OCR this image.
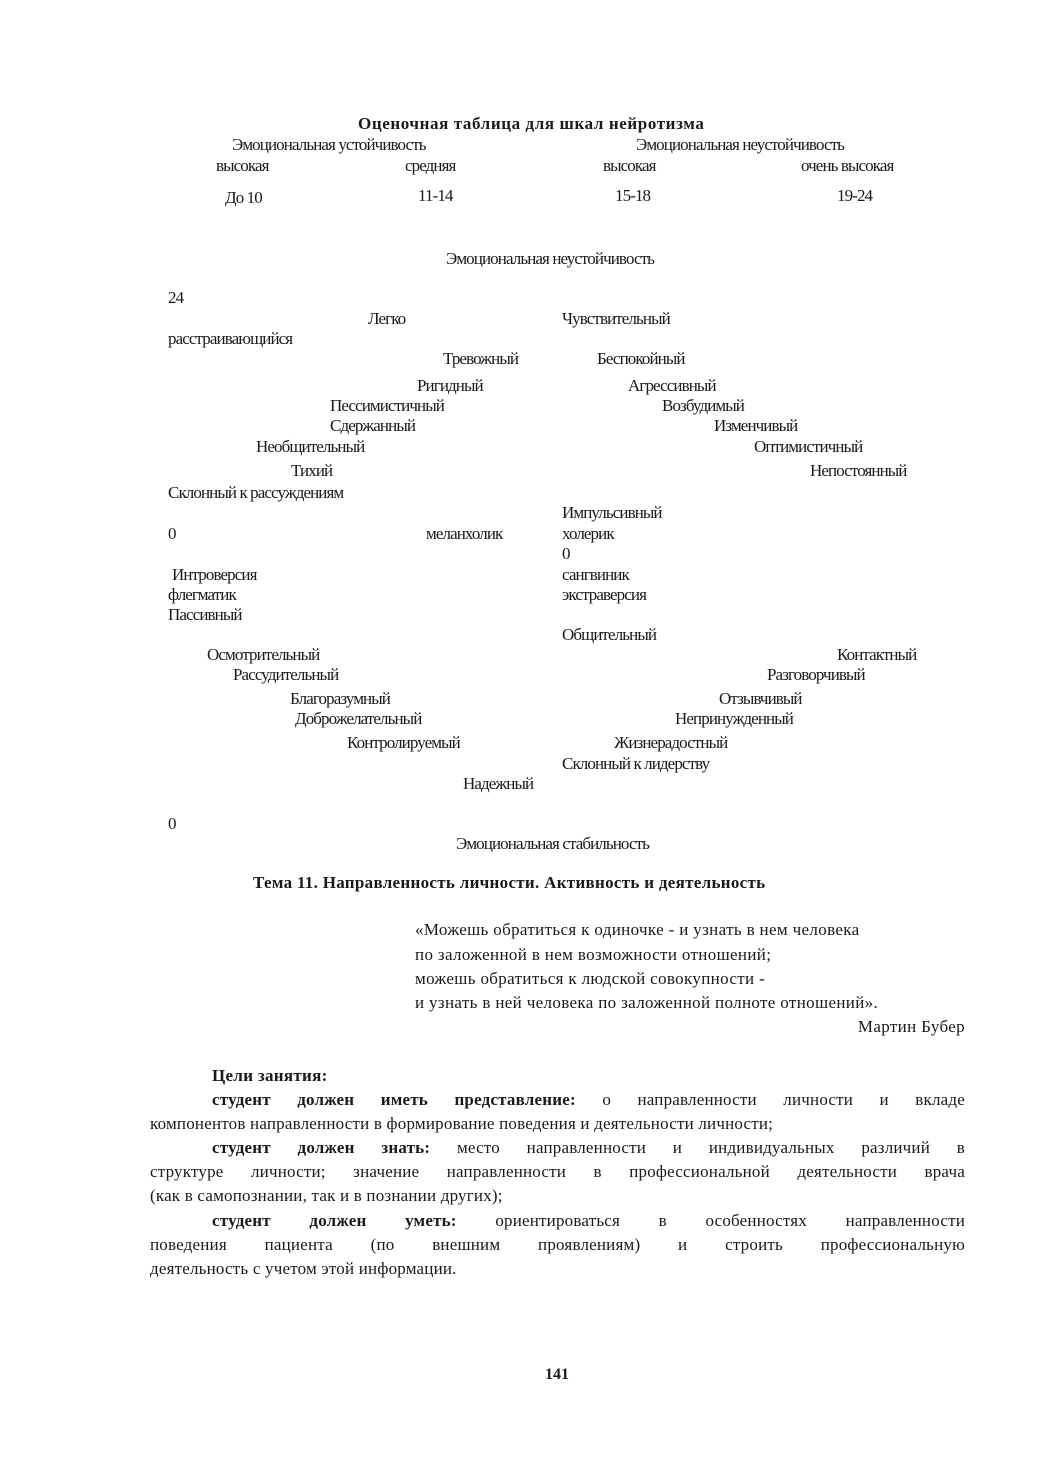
Оценочная таблица для шкал нейротизма
Эмоциональная устойчивость	Эмоциональная неустойчивость
высокая	средняя	высокая	очень высокая
До 10	11-14	15-18	19-24
Эмоциональная неустойчивость
24
Легко
расстраивающийся
Тревожный
Ригидный
Пессимистичный
Сдержанный
Необщительный
Тихий
Склонный к рассуждениям
Чувствительный
Беспокойный
Агрессивный
Возбудимый
Изменчивый
Оптимистичный
Непостоянный
Импульсивный
0	меланхолик	холерик
0
Интроверсия	сангвиник
флегматик	экстраверсия
Пассивный
Осмотрительный
Рассудительный
Благоразумный
Доброжелательный
Контролируемый
Надежный
Общительный
Контактный
Разговорчивый
Отзывчивый
Непринужденный
Жизнерадостный
Склонный к лидерству
0
Эмоциональная стабильность
Тема 11. Направленность личности. Активность и деятельность
«Можешь обратиться к одиночке - и узнать в нем человека
по заложенной в нем возможности отношений;
можешь обратиться к людской совокупности -
и узнать в ней человека по заложенной полноте отношений».
Мартин Бубер
Цели занятия:
студент должен иметь представление: о направленности личности и вкладе
компонентов направленности в формирование поведения и деятельности личности;
студент должен знать: место направленности и индивидуальных различий в
структуре личности; значение направленности в профессиональной деятельности врача
(как в самопознании, так и в познании других);
студент должен уметь: ориентироваться в особенностях направленности
поведения пациента (по внешним проявлениям) и строить профессиональную
деятельность с учетом этой информации.
141
